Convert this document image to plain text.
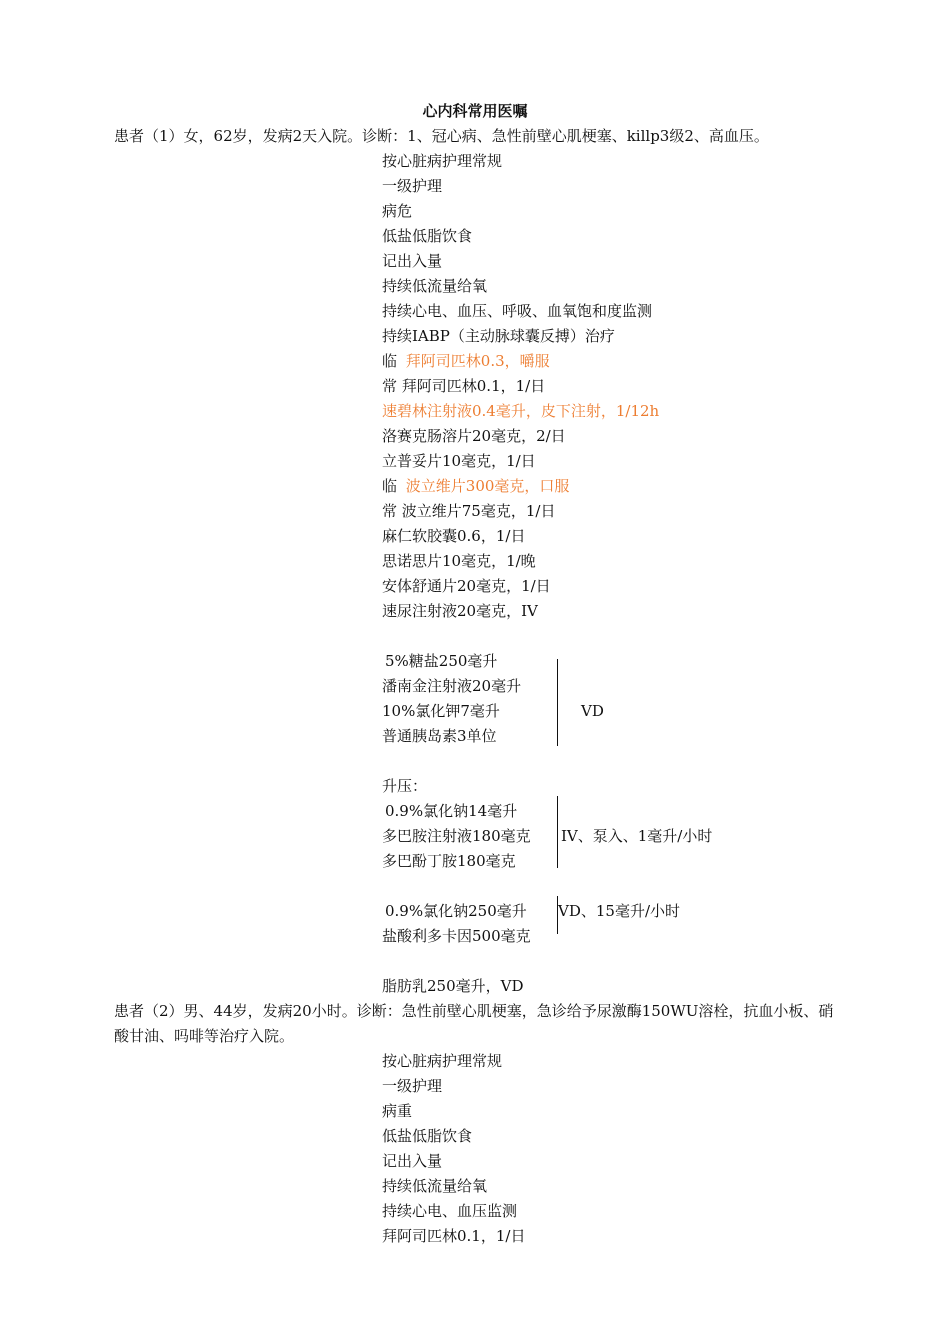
心内科常用医嘱
患者（1）女，62岁，发病2天入院。诊断：1、冠心病、急性前壁心肌梗塞、killp3级2、高血压。
按心脏病护理常规
一级护理
病危
低盐低脂饮食
记出入量
持续低流量给氧
持续心电、血压、呼吸、血氧饱和度监测
持续IABP（主动脉球囊反搏）治疗
临 拜阿司匹林0.3，嚼服
常 拜阿司匹林0.1，1/日
速碧林注射液0.4毫升，皮下注射，1/12h
洛赛克肠溶片20毫克，2/日
立普妥片10毫克，1/日
临 波立维片300毫克，口服
常 波立维片75毫克，1/日
麻仁软胶囊0.6，1/日
思诺思片10毫克，1/晚
安体舒通片20毫克，1/日
速尿注射液20毫克，IV
5%糖盐250毫升
潘南金注射液20毫升
10%氯化钾7毫升
普通胰岛素3单位
VD
升压：
0.9%氯化钠14毫升
多巴胺注射液180毫克
多巴酚丁胺180毫克
IV、泵入、1毫升/小时
0.9%氯化钠250毫升
盐酸利多卡因500毫克
VD、15毫升/小时
脂肪乳250毫升，VD
患者（2）男、44岁，发病20小时。诊断：急性前壁心肌梗塞，急诊给予尿激酶150WU溶栓，抗血小板、硝
酸甘油、吗啡等治疗入院。
按心脏病护理常规
一级护理
病重
低盐低脂饮食
记出入量
持续低流量给氧
持续心电、血压监测
拜阿司匹林0.1，1/日
